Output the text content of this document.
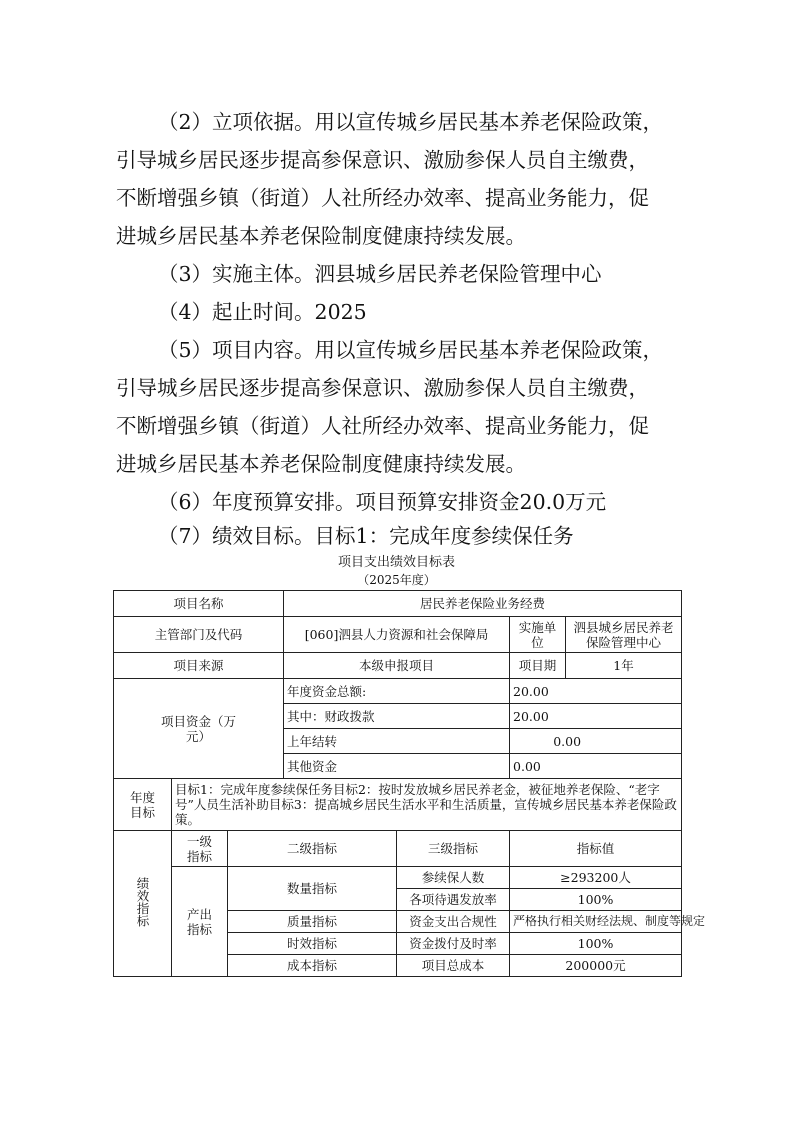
（2）立项依据。用以宣传城乡居民基本养老保险政策，
引导城乡居民逐步提高参保意识、激励参保人员自主缴费，
不断增强乡镇（街道）人社所经办效率、提高业务能力，促
进城乡居民基本养老保险制度健康持续发展。
（3）实施主体。泗县城乡居民养老保险管理中心
（4）起止时间。2025
（5）项目内容。用以宣传城乡居民基本养老保险政策，
引导城乡居民逐步提高参保意识、激励参保人员自主缴费，
不断增强乡镇（街道）人社所经办效率、提高业务能力，促
进城乡居民基本养老保险制度健康持续发展。
（6）年度预算安排。项目预算安排资金20.0万元
（7）绩效目标。目标1：完成年度参续保任务
项目支出绩效目标表
（2025年度）
项目名称			居民养老保险业务经费			
主管部门及代码			[060]泗县人力资源和社会保障局		实施单位	泗县城乡居民养老保险管理中心
项目来源			本级申报项目		项目期	1年
项目资金（万元）			年度资金总额:		20.00	
			其中：财政拨款		20.00	
			上年结转		0.00	
			其他资金		0.00	
年度目标	目标1：完成年度参续保任务目标2：按时发放城乡居民养老金，被征地养老保险、“老字号”人员生活补助目标3：提高城乡居民生活水平和生活质量，宣传城乡居民基本养老保险政策。					
绩效指标	一级指标	二级指标		三级指标	指标值	
	产出指标	数量指标		参续保人数	≥293200人	
				各项待遇发放率	100%	
		质量指标		资金支出合规性	严格执行相关财经法规、制度等规定	
		时效指标		资金拨付及时率	100%	
		成本指标		项目总成本	200000元	
